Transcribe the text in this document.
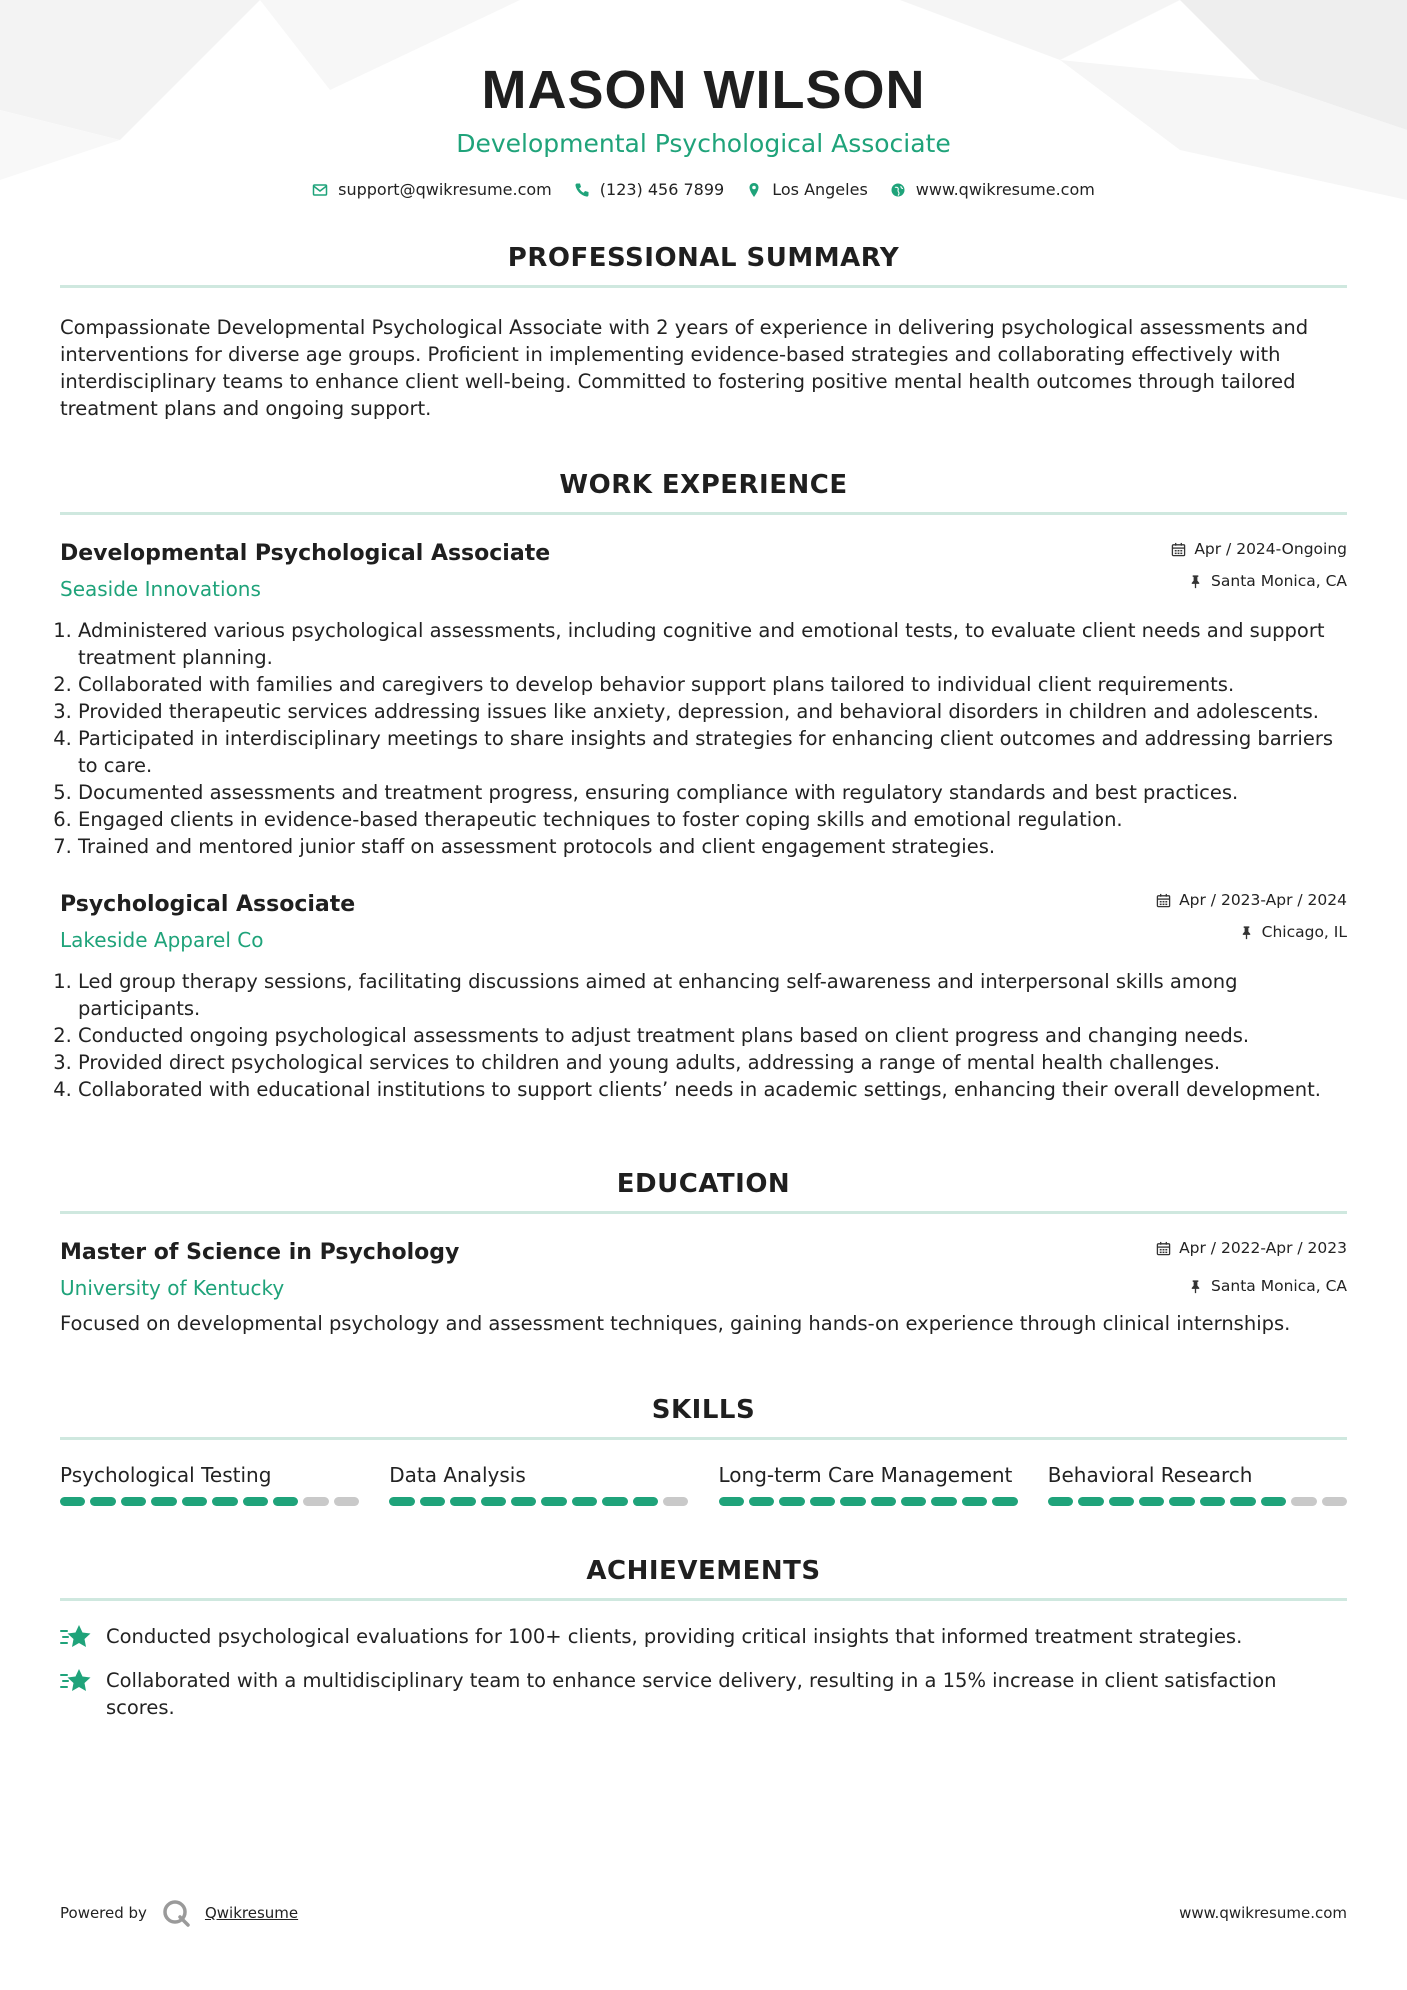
MASON WILSON
Developmental Psychological Associate
support@qwikresume.com	(123) 456 7899	Los Angeles	www.qwikresume.com
PROFESSIONAL SUMMARY

Compassionate Developmental Psychological Associate with 2 years of experience in delivering psychological assessments and interventions for diverse age groups. Proficient in implementing evidence-based strategies and collaborating effectively with interdisciplinary teams to enhance client well-being. Committed to fostering positive mental health outcomes through tailored treatment plans and ongoing support.

WORK EXPERIENCE
Developmental Psychological Associate
Seaside Innovations
Apr / 2024-Ongoing
Santa Monica, CA
1. Administered various psychological assessments, including cognitive and emotional tests, to evaluate client needs and support treatment planning.
2. Collaborated with families and caregivers to develop behavior support plans tailored to individual client requirements.
3. Provided therapeutic services addressing issues like anxiety, depression, and behavioral disorders in children and adolescents.
4. Participated in interdisciplinary meetings to share insights and strategies for enhancing client outcomes and addressing barriers to care.
5. Documented assessments and treatment progress, ensuring compliance with regulatory standards and best practices.
6. Engaged clients in evidence-based therapeutic techniques to foster coping skills and emotional regulation.
7. Trained and mentored junior staff on assessment protocols and client engagement strategies.
Psychological Associate
Lakeside Apparel Co
Apr / 2023-Apr / 2024
Chicago, IL
1. Led group therapy sessions, facilitating discussions aimed at enhancing self-awareness and interpersonal skills among participants.
2. Conducted ongoing psychological assessments to adjust treatment plans based on client progress and changing needs.
3. Provided direct psychological services to children and young adults, addressing a range of mental health challenges.
4. Collaborated with educational institutions to support clients’ needs in academic settings, enhancing their overall development.
EDUCATION
Master of Science in Psychology
University of Kentucky
Apr / 2022-Apr / 2023
Santa Monica, CA

Focused on developmental psychology and assessment techniques, gaining hands-on experience through clinical internships.

SKILLS
Psychological Testing	Data Analysis	Long-term Care Management Behavioral Research
ACHIEVEMENTS
Conducted psychological evaluations for 100+ clients, providing critical insights that informed treatment strategies.
Collaborated with a multidisciplinary team to enhance service delivery, resulting in a 15% increase in client satisfaction scores.
Powered by	Qwikresume	www.qwikresume.com
